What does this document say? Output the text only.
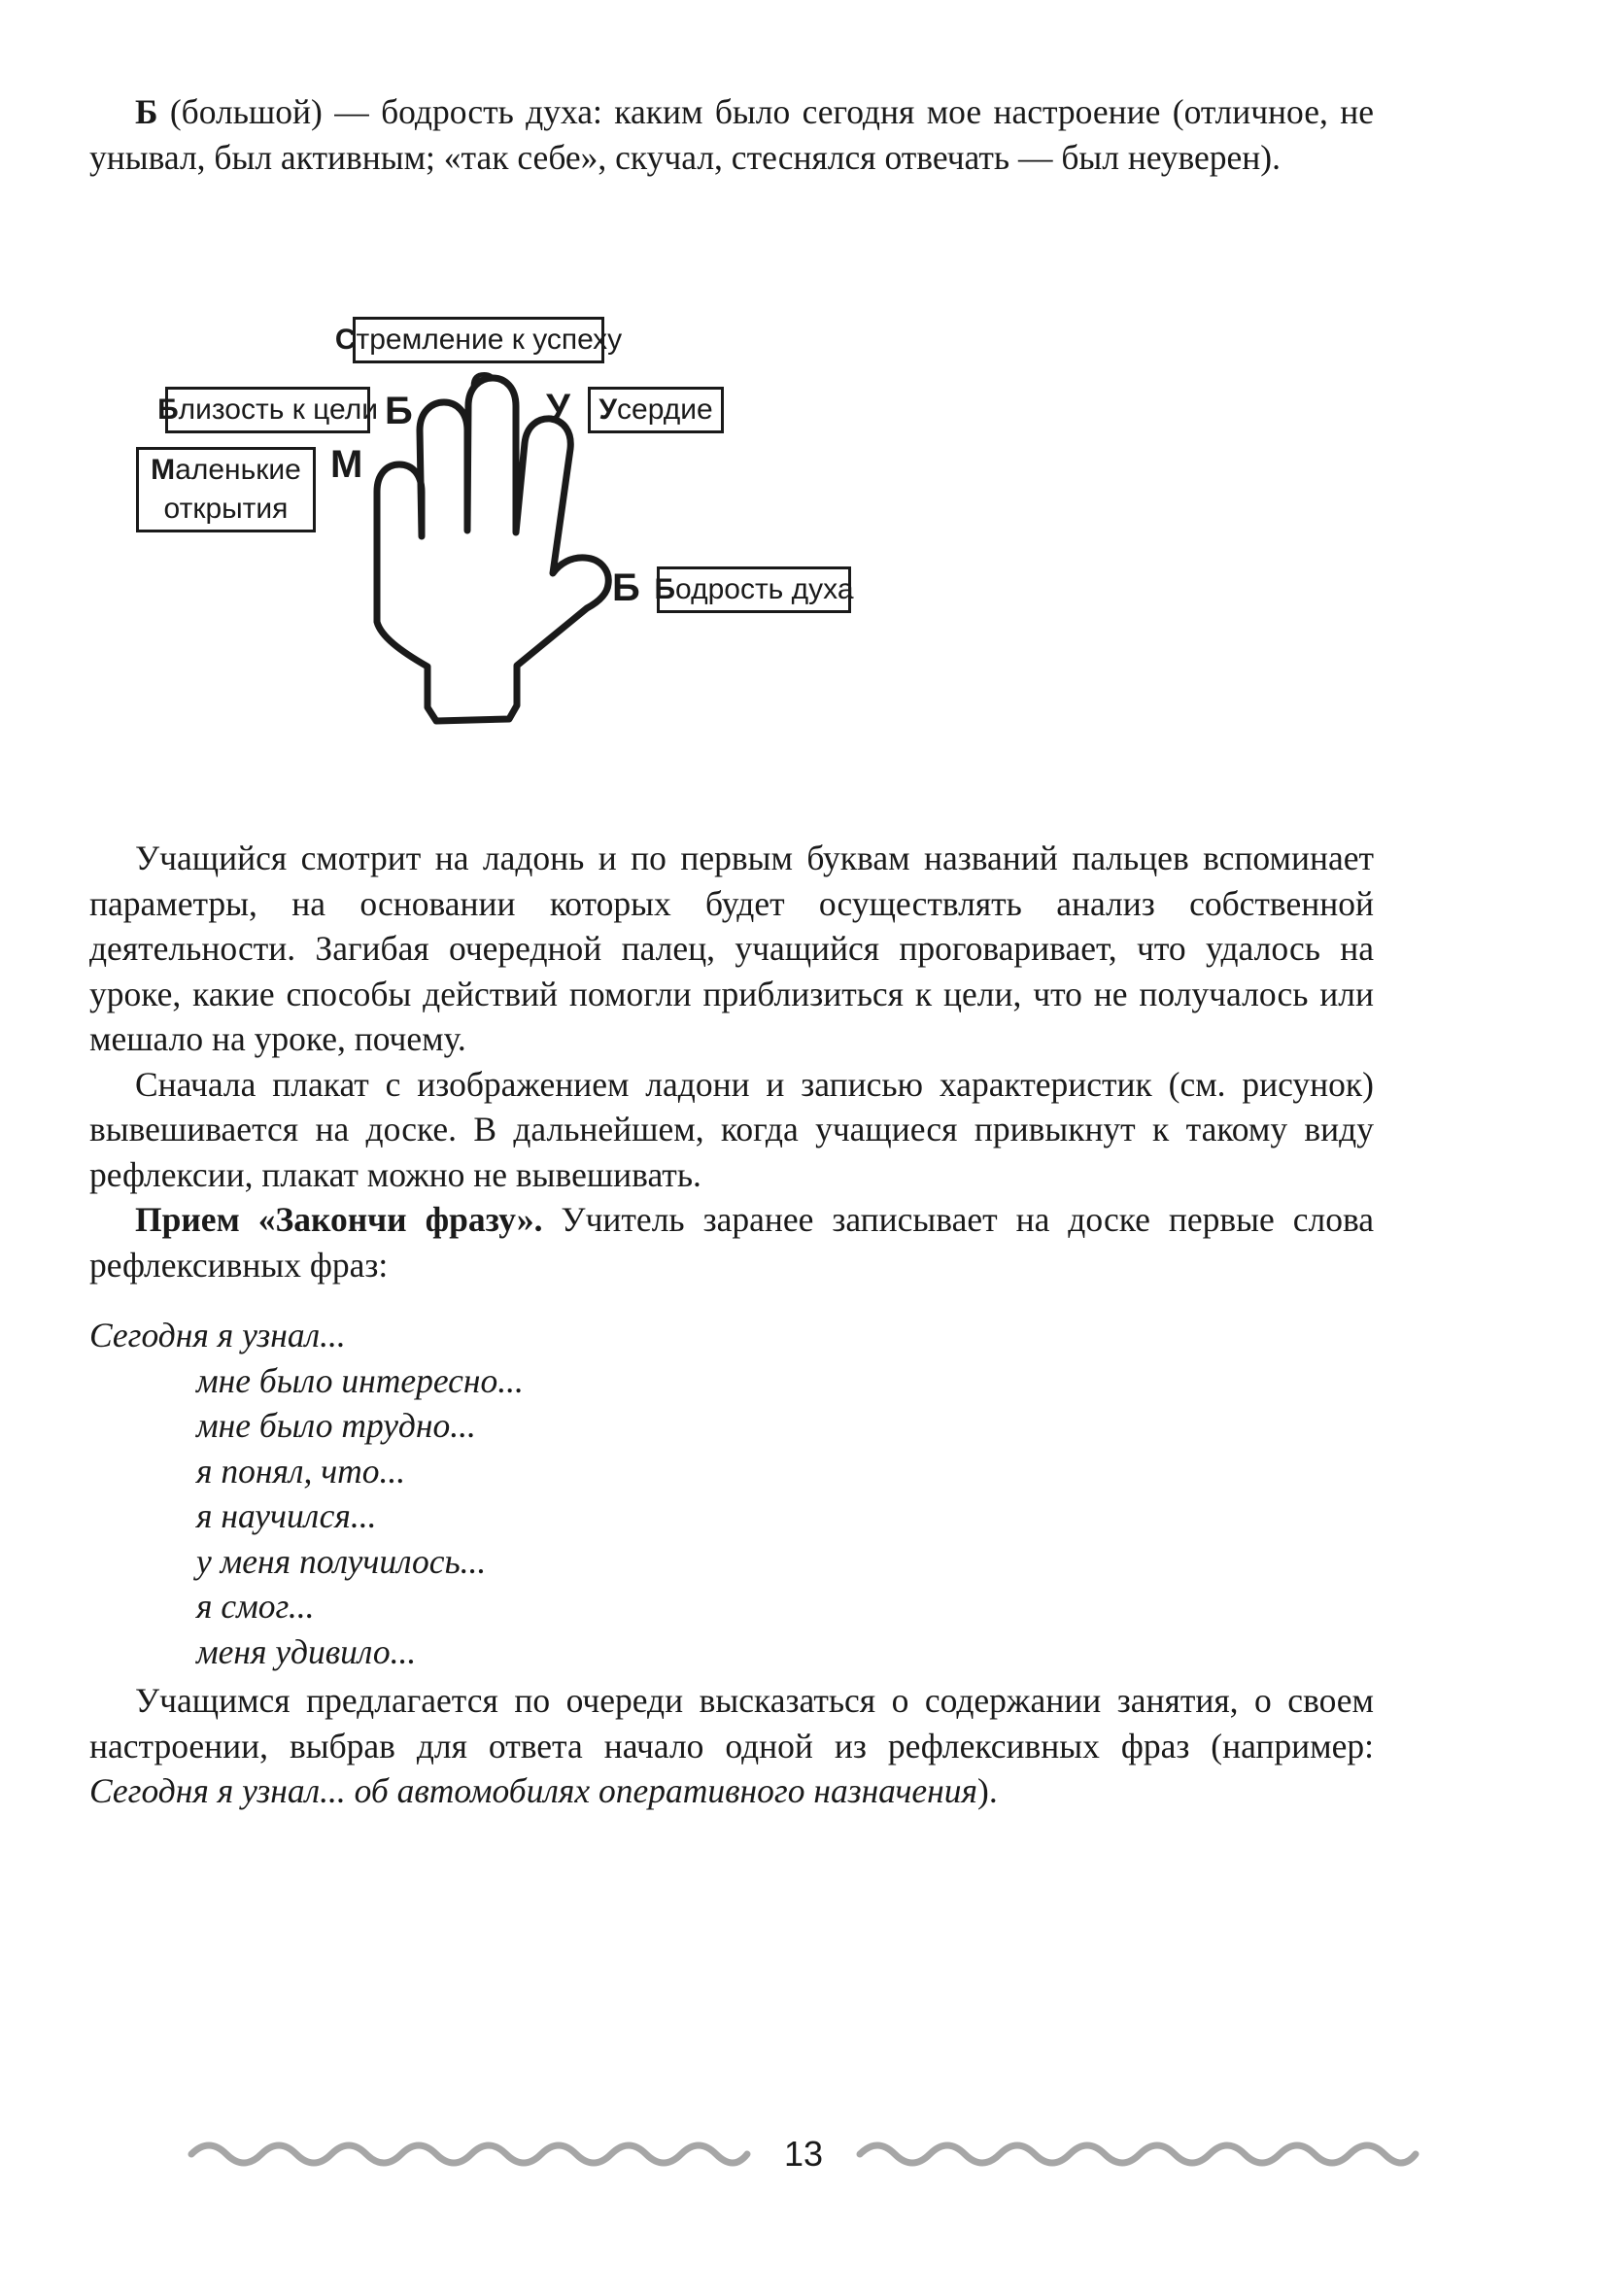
Б (большой) — бодрость духа: каким было сегодня мое настроение (отличное, не унывал, был активным; «так себе», скучал, стеснялся отвечать — был неуверен).

С тремление к успеху
Б лизость к цели	У сердие
Маленькие
открытия
Б одрость духа
Б	У
М
Б

Учащийся смотрит на ладонь и по первым буквам названий пальцев вспоминает параметры, на основании которых будет осуществлять анализ собственной деятельности. Загибая очередной палец, учащийся проговаривает, что удалось на уроке, какие способы действий помогли приблизиться к цели, что не получалось или мешало на уроке, почему.

Сначала плакат с изображением ладони и записью характеристик (см. рисунок) вывешивается на доске. В дальнейшем, когда учащиеся привыкнут к такому виду рефлексии, плакат можно не вывешивать.

Прием «Закончи фразу». Учитель заранее записывает на доске первые слова рефлексивных фраз:

Сегодня я узнал...
мне было интересно...
мне было трудно...
я понял, что...
я научился...
у меня получилось...
я смог...
меня удивило...

Учащимся предлагается по очереди высказаться о содержании занятия, о своем настроении, выбрав для ответа начало одной из рефлексивных фраз (например: Сегодня я узнал... об автомобилях оперативного назначения).

13
